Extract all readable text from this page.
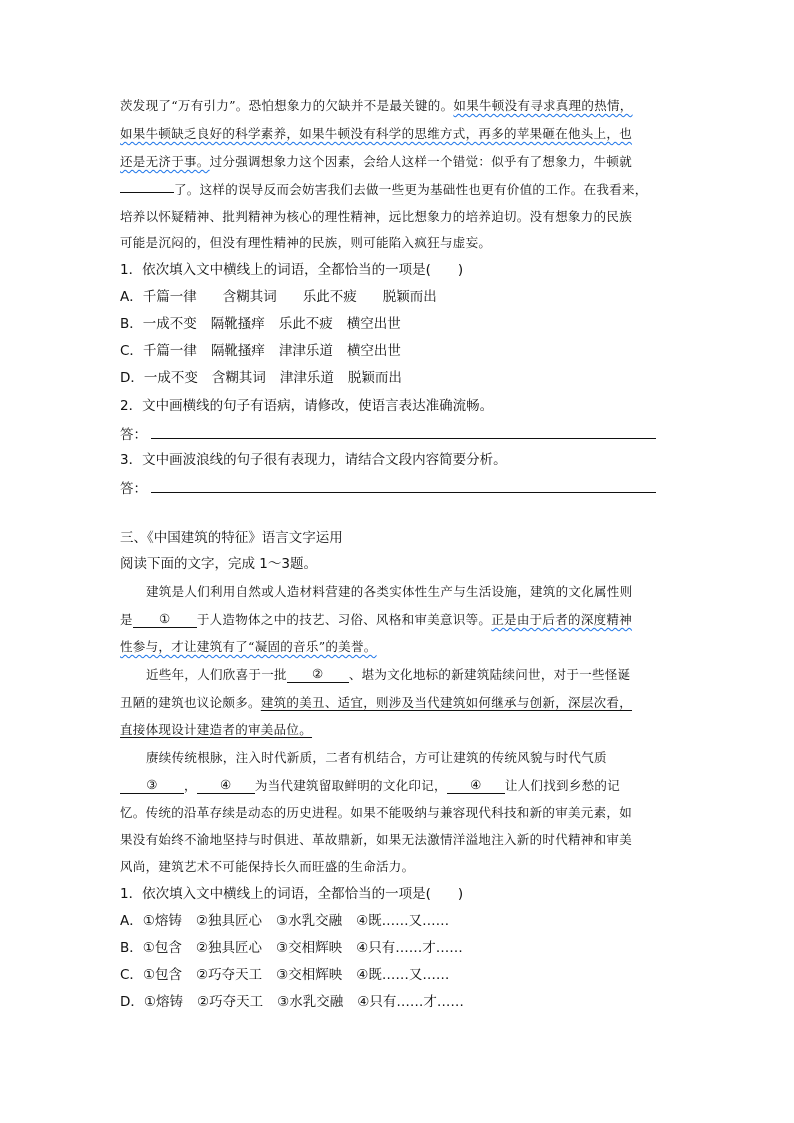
茨发现了“万有引力”。恐怕想象力的欠缺并不是最关键的。如果牛顿没有寻求真理的热情，
如果牛顿缺乏良好的科学素养，如果牛顿没有科学的思维方式，再多的苹果砸在他头上，也
还是无济于事。过分强调想象力这个因素，会给人这样一个错觉：似乎有了想象力，牛顿就
了。这样的误导反而会妨害我们去做一些更为基础性也更有价值的工作。在我看来，
培养以怀疑精神、批判精神为核心的理性精神，远比想象力的培养迫切。没有想象力的民族
可能是沉闷的，但没有理性精神的民族，则可能陷入疯狂与虚妄。
1．依次填入文中横线上的词语，全都恰当的一项是(　　)
A．千篇一律 含糊其词 乐此不疲 脱颖而出
B．一成不变 隔靴搔痒 乐此不疲 横空出世
C．千篇一律 隔靴搔痒 津津乐道 横空出世
D．一成不变 含糊其词 津津乐道 脱颖而出
2．文中画横线的句子有语病，请修改，使语言表达准确流畅。
答：
3．文中画波浪线的句子很有表现力，请结合文段内容简要分析。
答：
三、《中国建筑的特征》语言文字运用
阅读下面的文字，完成 1～3题。
建筑是人们利用自然或人造材料营建的各类实体性生产与生活设施，建筑的文化属性则
是 ① 于人造物体之中的技艺、习俗、风格和审美意识等。正是由于后者的深度精神
性参与，才让建筑有了“凝固的音乐”的美誉。
近些年，人们欣喜于一批 ② 、堪为文化地标的新建筑陆续问世，对于一些怪诞
丑陋的建筑也议论颇多。建筑的美丑、适宜，则涉及当代建筑如何继承与创新，深层次看，
直接体现设计建造者的审美品位。
赓续传统根脉，注入时代新质，二者有机结合，方可让建筑的传统风貌与时代气质
③ ， ④ 为当代建筑留取鲜明的文化印记， ④ 让人们找到乡愁的记
忆。传统的沿革存续是动态的历史进程。如果不能吸纳与兼容现代科技和新的审美元素，如
果没有始终不渝地坚持与时俱进、革故鼎新，如果无法激情洋溢地注入新的时代精神和审美
风尚，建筑艺术不可能保持长久而旺盛的生命活力。
1．依次填入文中横线上的词语，全都恰当的一项是(　　)
A．①熔铸 ②独具匠心 ③水乳交融 ④既……又……
B．①包含 ②独具匠心 ③交相辉映 ④只有……才……
C．①包含 ②巧夺天工 ③交相辉映 ④既……又……
D．①熔铸 ②巧夺天工 ③水乳交融 ④只有……才……
